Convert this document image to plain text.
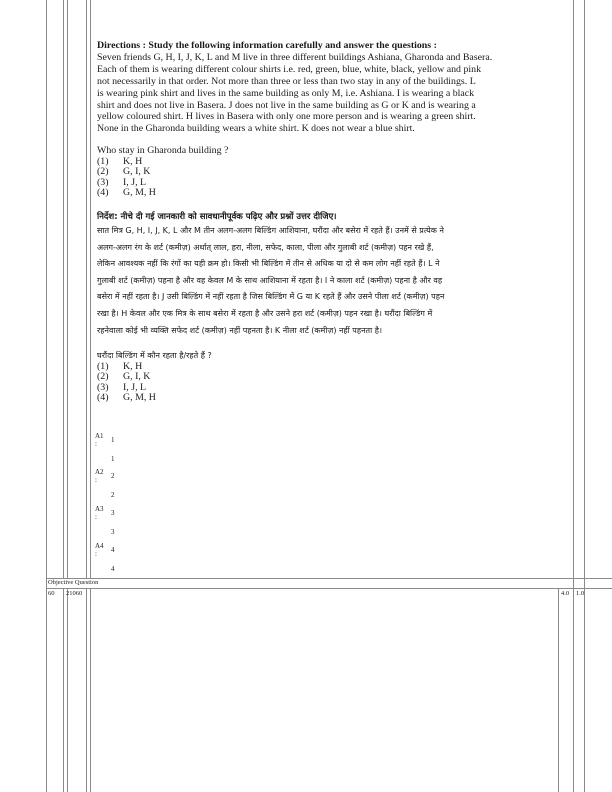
Directions : Study the following information carefully and answer the questions :

Seven friends G, H, I, J, K, L and M live in three different buildings Ashiana, Gharonda and Basera.

Each of them is wearing different colour shirts i.e. red, green, blue, white, black, yellow and pink

not necessarily in that order. Not more than three or less than two stay in any of the buildings. L

is wearing pink shirt and lives in the same building as only M, i.e. Ashiana. I is wearing a black

shirt and does not live in Basera. J does not live in the same building as G or K and is wearing a

yellow coloured shirt. H lives in Basera with only one more person and is wearing a green shirt.

None in the Gharonda building wears a white shirt. K does not wear a blue shirt.

Who stay in Gharonda building ?

(1)	K, H
(2)	G, I, K
(3)	I, J, L
(4)	G, M, H

निर्देश: नीचे दी गई जानकारी को सावधानीपूर्वक पढ़िए और प्रश्नों उत्तर दीजिए।

सात मित्र G, H, I, J, K, L और M तीन अलग-अलग बिल्डिंग आशियाना, घरौंदा और बसेरा में रहते हैं। उनमें से प्रत्येक ने

अलग-अलग रंग के शर्ट (कमीज़) अर्थात् लाल, हरा, नीला, सफेद, काला, पीला और गुलाबी शर्ट (कमीज़) पहन रखे हैं,

लेकिन आवश्यक नहीं कि रंगों का यही क्रम हो। किसी भी बिल्डिंग में तीन से अधिक या दो से कम लोग नहीं रहते हैं। L ने

गुलाबी शर्ट (कमीज़) पहना है और वह केवल M के साथ आशियाना में रहता है। I ने काला शर्ट (कमीज़) पहना है और वह

बसेरा में नहीं रहता है। J उसी बिल्डिंग में नहीं रहता है जिस बिल्डिंग में G या K रहते हैं और उसने पीला शर्ट (कमीज़) पहन

रखा है। H केवल और एक मित्र के साथ बसेरा में रहता है और उसने हरा शर्ट (कमीज़) पहन रखा है। घरौंदा बिल्डिंग में

रहनेवाला कोई भी व्यक्ति सफेद शर्ट (कमीज़) नहीं पहनता है। K नीला शर्ट (कमीज़) नहीं पहनता है।

घरौंदा बिल्डिंग में कौन रहता है/रहते हैं ?

(1)	K, H
(2)	G, I, K
(3)	I, J, L
(4)	G, M, H
A1
: 1
1
A2
: 2
2
A3
: 3
3
A4
: 4
4
Objective Question
60 21060	4.0 1.0
